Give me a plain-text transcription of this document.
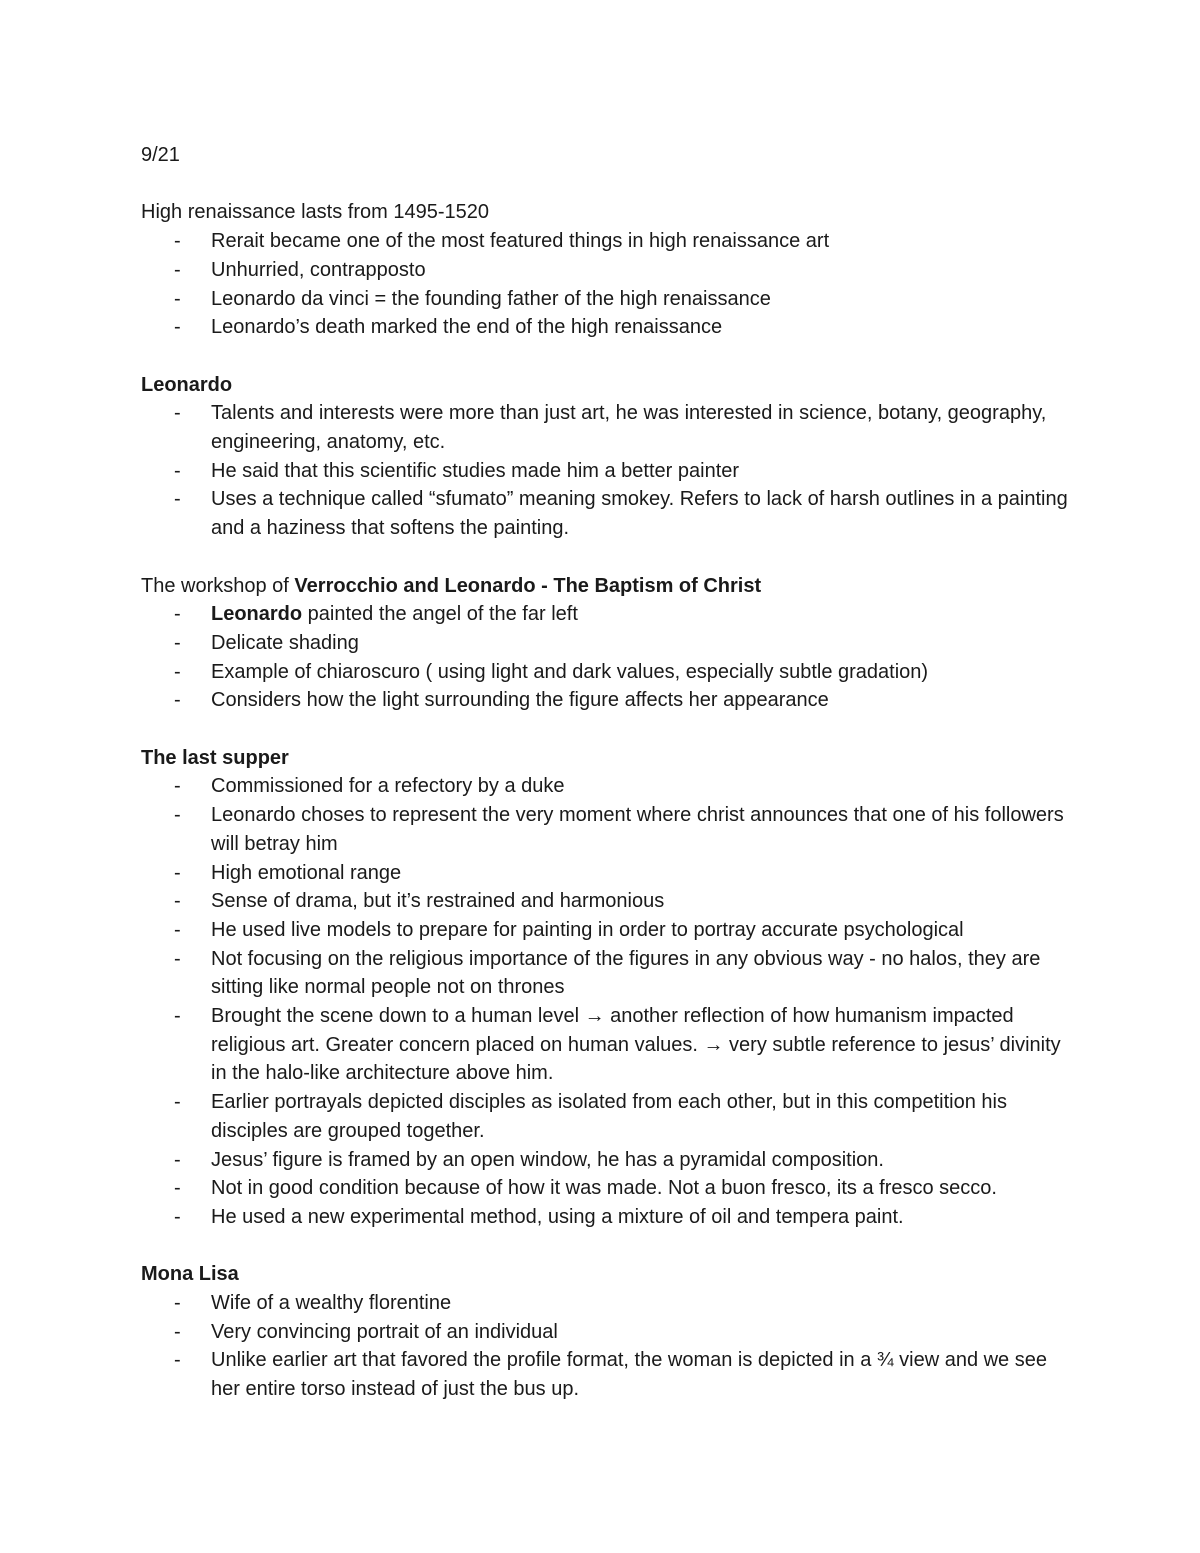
9/21

High renaissance lasts from 1495-1520

- Rerait became one of the most featured things in high renaissance art
- Unhurried, contrapposto
- Leonardo da vinci = the founding father of the high renaissance
- Leonardo’s death marked the end of the high renaissance

Leonardo

- Talents and interests were more than just art, he was interested in science, botany, geography, engineering, anatomy, etc.
- He said that this scientific studies made him a better painter
- Uses a technique called “sfumato” meaning smokey. Refers to lack of harsh outlines in a painting and a haziness that softens the painting.

The workshop of Verrocchio and Leonardo - The Baptism of Christ

- Leonardo painted the angel of the far left
- Delicate shading
- Example of chiaroscuro ( using light and dark values, especially subtle gradation)
- Considers how the light surrounding the figure affects her appearance

The last supper

- Commissioned for a refectory by a duke
- Leonardo choses to represent the very moment where christ announces that one of his followers will betray him
- High emotional range
- Sense of drama, but it’s restrained and harmonious
- He used live models to prepare for painting in order to portray accurate psychological
- Not focusing on the religious importance of the figures in any obvious way - no halos, they are sitting like normal people not on thrones
- Brought the scene down to a human level → another reflection of how humanism impacted religious art. Greater concern placed on human values. → very subtle reference to jesus’ divinity in the halo-like architecture above him.
- Earlier portrayals depicted disciples as isolated from each other, but in this competition his disciples are grouped together.
- Jesus’ figure is framed by an open window, he has a pyramidal composition.
- Not in good condition because of how it was made. Not a buon fresco, its a fresco secco.
- He used a new experimental method, using a mixture of oil and tempera paint.

Mona Lisa

- Wife of a wealthy florentine
- Very convincing portrait of an individual
- Unlike earlier art that favored the profile format, the woman is depicted in a ¾ view and we see her entire torso instead of just the bus up.
